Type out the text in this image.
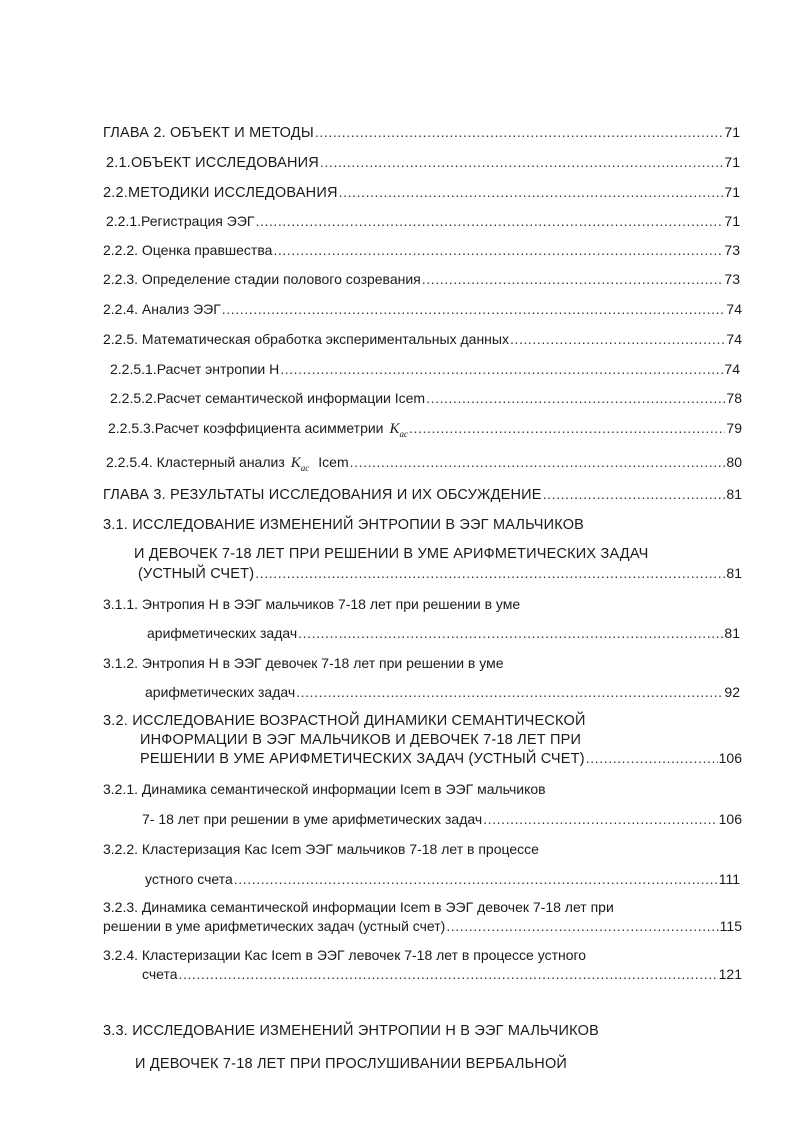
ГЛАВА 2. ОБЪЕКТ И МЕТОДЫ .....	71
2.1.ОБЪЕКТ ИССЛЕДОВАНИЯ .....	71
2.2.МЕТОДИКИ ИССЛЕДОВАНИЯ .....	71
2.2.1.Регистрация ЭЭГ .....	71
2.2.2. Оценка правшества .....	73
2.2.3. Определение стадии полового созревания .....	73
2.2.4. Анализ ЭЭГ .....	74
2.2.5. Математическая обработка экспериментальных данных .....	74
2.2.5.1.Расчет энтропии Н .....	74
2.2.5.2.Расчет семантической информации Icem .....	78
2.2.5.3.Расчет коэффициента асимметрии $K_{ac}$ .....	79
2.2.5.4. Кластерный анализ $K_{ac}$ Icem .....	80
ГЛАВА 3. РЕЗУЛЬТАТЫ ИССЛЕДОВАНИЯ И ИХ ОБСУЖДЕНИЕ .....	81
3.1. ИССЛЕДОВАНИЕ ИЗМЕНЕНИЙ ЭНТРОПИИ В ЭЭГ МАЛЬЧИКОВ
И ДЕВОЧЕК 7-18 ЛЕТ ПРИ РЕШЕНИИ В УМЕ АРИФМЕТИЧЕСКИХ ЗАДАЧ
(УСТНЫЙ СЧЕТ) .....	81
3.1.1. Энтропия Н в ЭЭГ мальчиков 7-18 лет при решении в уме
арифметических задач .....	81
3.1.2. Энтропия Н в ЭЭГ девочек 7-18 лет при решении в уме
арифметических задач .....	92
3.2. ИССЛЕДОВАНИЕ ВОЗРАСТНОЙ ДИНАМИКИ СЕМАНТИЧЕСКОЙ
ИНФОРМАЦИИ В ЭЭГ МАЛЬЧИКОВ И ДЕВОЧЕК 7-18 ЛЕТ ПРИ
РЕШЕНИИ В УМЕ АРИФМЕТИЧЕСКИХ ЗАДАЧ (УСТНЫЙ СЧЕТ) .....	106
3.2.1. Динамика семантической информации Icem в ЭЭГ мальчиков
7- 18 лет при решении в уме арифметических задач .....	106
3.2.2. Кластеризация Кас Icem ЭЭГ мальчиков 7-18 лет в процессе
устного счета .....	111
3.2.3. Динамика семантической информации Icem в ЭЭГ девочек 7-18 лет при
решении в уме арифметических задач (устный счет) .....	115
3.2.4. Кластеризации Кас Icem в ЭЭГ левочек 7-18 лет в процессе устного
счета .....	121
3.3. ИССЛЕДОВАНИЕ ИЗМЕНЕНИЙ ЭНТРОПИИ Н В ЭЭГ МАЛЬЧИКОВ
И ДЕВОЧЕК 7-18 ЛЕТ ПРИ ПРОСЛУШИВАНИИ ВЕРБАЛЬНОЙ
